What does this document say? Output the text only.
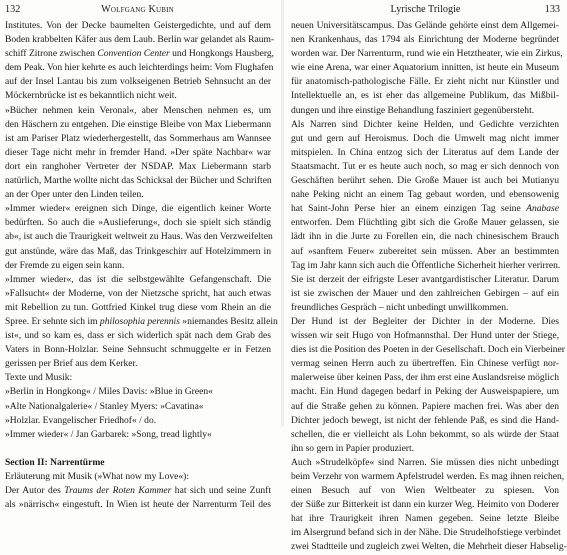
132	Wolfgang Kubin
Institutes. Von der Decke baumelten Geistergedichte, und auf dem
Boden krabbelten Käfer aus dem Laub. Berlin war gelandet als Raum-
schiff Zitrone zwischen Convention Center und Hongkongs Hausberg,
dem Peak. Von hier kehrte es auch leichterdings heim: Vom Flughafen
auf der Insel Lantau bis zum volkseigenen Betrieb Sehnsucht an der
Möckernbrücke ist es bekanntlich nicht weit.
»Bücher nehmen kein Veronal«, aber Menschen nehmen es, um
den Häschern zu entgehen. Die einstige Bleibe von Max Liebermann
ist am Pariser Platz wiederhergestellt, das Sommerhaus am Wannsee
dieser Tage nicht mehr in fremder Hand. »Der späte Nachbar« war
dort ein ranghoher Vertreter der NSDAP. Max Liebermann starb
natürlich, Marthe wollte nicht das Schicksal der Bücher und Schriften
an der Oper unter den Linden teilen.
»Immer wieder« ereignen sich Dinge, die eigentlich keiner Worte
bedürften. So auch die »Auslieferung«, doch sie spielt sich ständig
ab«, ist auch die Traurigkeit weltweit zu Haus. Was den Verzweifelten
gut anstünde, wäre das Maß, das Trinkgeschirr auf Hotelzimmern in
der Fremde zu eigen sein kann.
»Immer wieder«, das ist die selbstgewählte Gefangenschaft. Die
»Fallsucht« der Moderne, von der Nietzsche spricht, hat auch etwas
mit Rebellion zu tun. Gottfried Kinkel trug diese vom Rhein an die
Spree. Er sehnte sich im philosophia perennis »niemandes Besitz allein
ist«, und so kam es, dass er sich widerlich spät nach dem Grab des
Vaters in Bonn-Holzlar. Seine Sehnsucht schmuggelte er in Fetzen
gerissen per Brief aus dem Kerker.
Texte und Musik:
»Berlin in Hongkong« / Miles Davis: »Blue in Green«
»Alte Nationalgalerie« / Stanley Myers: »Cavatina«
»Holzlar. Evangelischer Friedhof« / do.
»Immer wieder« / Jan Garbarek: »Song, tread lightly«
Section II: Narrentürme
Erläuterung mit Musik (»What now my Love«):
Der Autor des Traums der Roten Kammer hat sich und seine Zunft
als »närrisch« eingestuft. In Wien ist heute der Narrenturm Teil des
Lyrische Trilogie	133
neuen Universitätscampus. Das Gelände gehörte einst dem Allgemei-
nen Krankenhaus, das 1794 als Einrichtung der Moderne begründet
worden war. Der Narrenturm, rund wie ein Hetztheater, wie ein Zirkus,
wie eine Arena, war einer Aquatorium innitten, ist heute ein Museum
für anatomisch-pathologische Fälle. Er zieht nicht nur Künstler und
Intellektuelle an, es ist eher das allgemeine Publikum, das Mißbil-
dungen und ihre einstige Behandlung fasziniert gegenübersteht.
Als Narren sind Dichter keine Helden, und Gedichte verzichten
gut und gern auf Heroismus. Doch die Umwelt mag nicht immer
mitspielen. In China entzog sich der Literatus auf dem Lande der
Staatsmacht. Tut er es heute auch noch, so mag er sich dennoch von
Geschäften berührt sehen. Die Große Mauer ist auch bei Mutianyu
nahe Peking nicht an einem Tag gebaut worden, und ebensowenig
hat Saint-John Perse hier an einem einzigen Tag seine Anabase
entworfen. Dem Flüchtling gibt sich die Große Mauer gelassen, sie
lädt ihn in die Jurte zu Forellen ein, die nach chinesischem Brauch
auf »sanftem Feuer« zubereitet sein müssen. Aber an bestimmten
Tag im Jahr kann sich auch die Öffentliche Sicherheit hierher verirren.
Sie ist derzeit der eifrigste Leser avantgardistischer Literatur. Darum
ist sie zwischen der Mauer und den zahlreichen Gebirgen – auf ein
freundliches Gespräch – nicht unbedingt unwillkommen.
Der Hund ist der Begleiter der Dichter in der Moderne. Dies
wissen wir seit Hugo von Hofmannsthal. Der Hund unter der Stiege,
dies ist die Position des Poeten in der Gesellschaft. Doch ein Vierbeiner
vermag seinen Herrn auch zu übertreffen. Ein Chinese verfügt nor-
malerweise über keinen Pass, der ihm erst eine Auslandsreise möglich
macht. Ein Hund dagegen bedarf in Peking der Ausweispapiere, um
auf die Straße gehen zu können. Papiere machen frei. Was aber den
Dichter jedoch bewegt, ist nicht der fehlende Paß, es sind die Hand-
schellen, die er vielleicht als Lohn bekommt, so als würde der Staat
ihn so gern in Papier produziert.
Auch »Strudelköpfe« sind Narren. Sie müssen dies nicht unbedingt
beim Verzehr von warmem Apfelstrudel werden. Es mag ihnen reichen,
einen Besuch auf von Wien Weltbeater zu spiesen. Von
der Süße zur Bitterkeit ist dann ein kurzer Weg. Heimito von Doderer
hat ihre Traurigkeit ihren Namen gegeben. Seine letzte Bleibe
im Alsergrund befand sich in der Nähe. Die Strudelhofstiege verbindet
zwei Stadtteile und zugleich zwei Welten, die Mehrheit dieser Habselig-
